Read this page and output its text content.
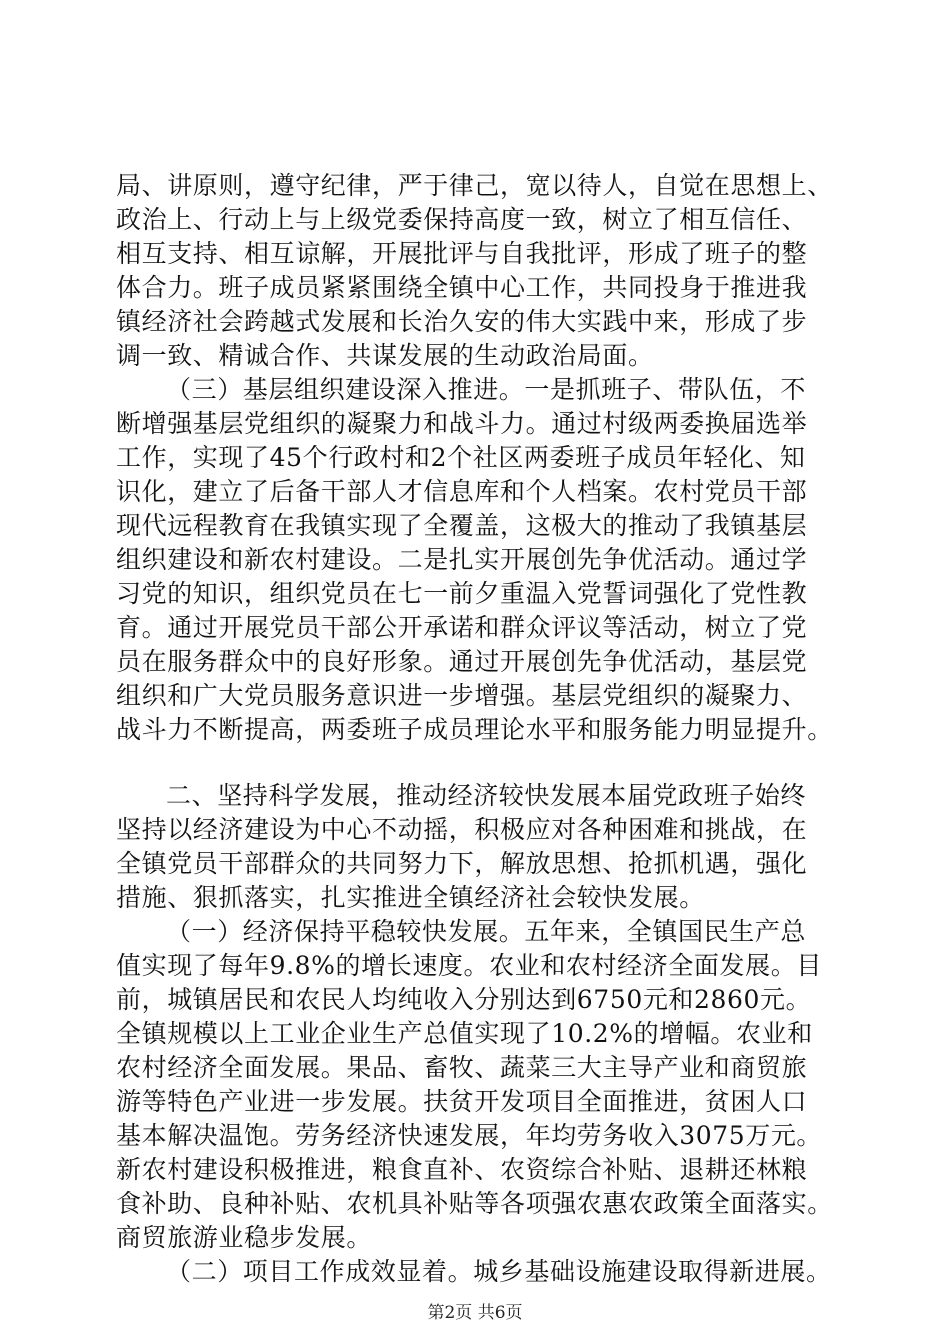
局、讲原则，遵守纪律，严于律己，宽以待人，自觉在思想上、
政治上、行动上与上级党委保持高度一致，树立了相互信任、
相互支持、相互谅解，开展批评与自我批评，形成了班子的整
体合力。班子成员紧紧围绕全镇中心工作，共同投身于推进我
镇经济社会跨越式发展和长治久安的伟大实践中来，形成了步
调一致、精诚合作、共谋发展的生动政治局面。
（三）基层组织建设深入推进。一是抓班子、带队伍，不
断增强基层党组织的凝聚力和战斗力。通过村级两委换届选举
工作，实现了45个行政村和2个社区两委班子成员年轻化、知
识化，建立了后备干部人才信息库和个人档案。农村党员干部
现代远程教育在我镇实现了全覆盖，这极大的推动了我镇基层
组织建设和新农村建设。二是扎实开展创先争优活动。通过学
习党的知识，组织党员在七一前夕重温入党誓词强化了党性教
育。通过开展党员干部公开承诺和群众评议等活动，树立了党
员在服务群众中的良好形象。通过开展创先争优活动，基层党
组织和广大党员服务意识进一步增强。基层党组织的凝聚力、
战斗力不断提高，两委班子成员理论水平和服务能力明显提升。
二、坚持科学发展，推动经济较快发展本届党政班子始终
坚持以经济建设为中心不动摇，积极应对各种困难和挑战，在
全镇党员干部群众的共同努力下，解放思想、抢抓机遇，强化
措施、狠抓落实，扎实推进全镇经济社会较快发展。
（一）经济保持平稳较快发展。五年来，全镇国民生产总
值实现了每年9.8%的增长速度。农业和农村经济全面发展。目
前，城镇居民和农民人均纯收入分别达到6750元和2860元。
全镇规模以上工业企业生产总值实现了10.2%的增幅。农业和
农村经济全面发展。果品、畜牧、蔬菜三大主导产业和商贸旅
游等特色产业进一步发展。扶贫开发项目全面推进，贫困人口
基本解决温饱。劳务经济快速发展，年均劳务收入3075万元。
新农村建设积极推进，粮食直补、农资综合补贴、退耕还林粮
食补助、良种补贴、农机具补贴等各项强农惠农政策全面落实。
商贸旅游业稳步发展。
（二）项目工作成效显着。城乡基础设施建设取得新进展。
第2页 共6页
